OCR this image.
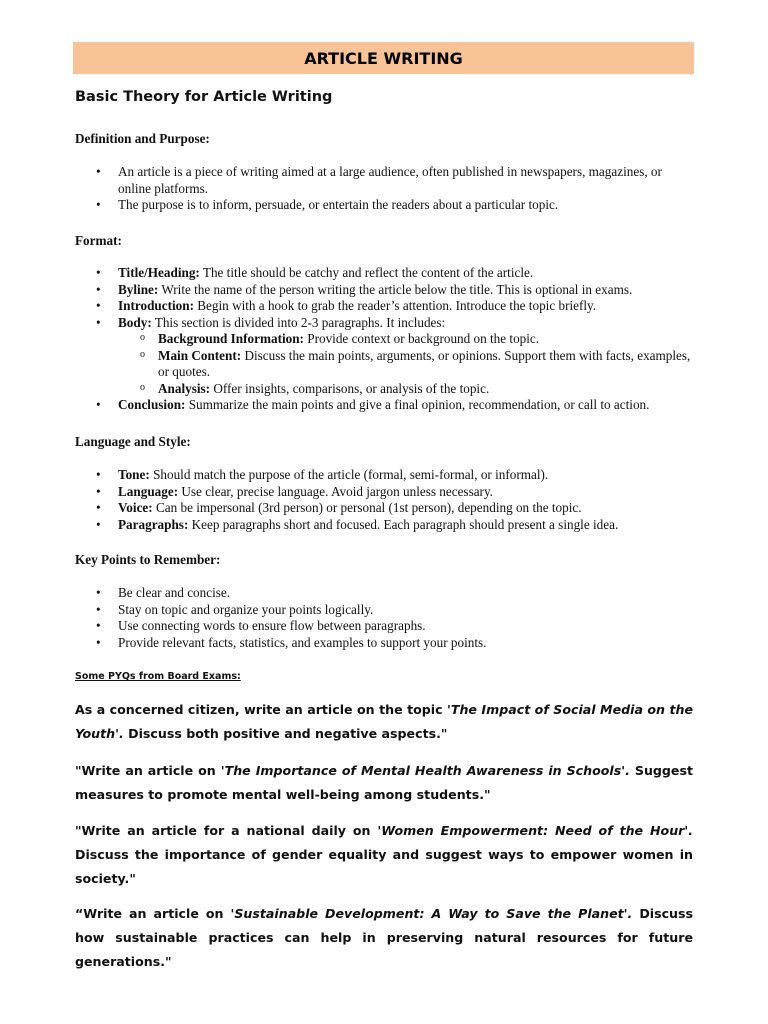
ARTICLE WRITING
Basic Theory for Article Writing
Definition and Purpose:
• An article is a piece of writing aimed at a large audience, often published in newspapers, magazines, or online platforms.
• The purpose is to inform, persuade, or entertain the readers about a particular topic.
Format:
• Title/Heading: The title should be catchy and reflect the content of the article.
• Byline: Write the name of the person writing the article below the title. This is optional in exams.
• Introduction: Begin with a hook to grab the reader’s attention. Introduce the topic briefly.
• Body: This section is divided into 2-3 paragraphs. It includes:
o Background Information: Provide context or background on the topic.
o Main Content: Discuss the main points, arguments, or opinions. Support them with facts, examples, or quotes.
o Analysis: Offer insights, comparisons, or analysis of the topic.
• Conclusion: Summarize the main points and give a final opinion, recommendation, or call to action.
Language and Style:
• Tone: Should match the purpose of the article (formal, semi-formal, or informal).
• Language: Use clear, precise language. Avoid jargon unless necessary.
• Voice: Can be impersonal (3rd person) or personal (1st person), depending on the topic.
• Paragraphs: Keep paragraphs short and focused. Each paragraph should present a single idea.
Key Points to Remember:
• Be clear and concise.
• Stay on topic and organize your points logically.
• Use connecting words to ensure flow between paragraphs.
• Provide relevant facts, statistics, and examples to support your points.
Some PYQs from Board Exams:
As a concerned citizen, write an article on the topic 'The Impact of Social Media on the Youth'. Discuss both positive and negative aspects."
"Write an article on 'The Importance of Mental Health Awareness in Schools'. Suggest measures to promote mental well-being among students."
"Write an article for a national daily on 'Women Empowerment: Need of the Hour'. Discuss the importance of gender equality and suggest ways to empower women in society."
“Write an article on 'Sustainable Development: A Way to Save the Planet'. Discuss how sustainable practices can help in preserving natural resources for future generations."
